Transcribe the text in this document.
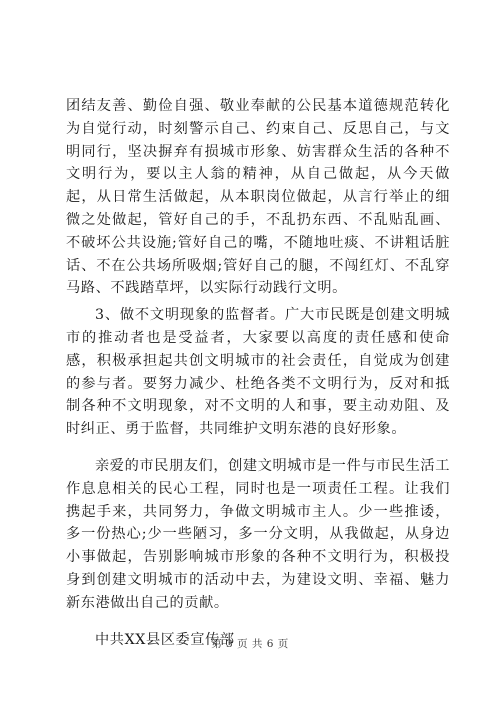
团结友善、勤俭自强、敬业奉献的公民基本道德规范转化为自觉行动，时刻警示自己、约束自己、反思自己，与文明同行，坚决摒弃有损城市形象、妨害群众生活的各种不文明行为，要以主人翁的精神，从自己做起，从今天做起，从日常生活做起，从本职岗位做起，从言行举止的细微之处做起，管好自己的手，不乱扔东西、不乱贴乱画、不破坏公共设施;管好自己的嘴，不随地吐痰、不讲粗话脏话、不在公共场所吸烟;管好自己的腿，不闯红灯、不乱穿马路、不践踏草坪，以实际行动践行文明。

3、做不文明现象的监督者。广大市民既是创建文明城市的推动者也是受益者，大家要以高度的责任感和使命感，积极承担起共创文明城市的社会责任，自觉成为创建的参与者。要努力减少、杜绝各类不文明行为，反对和抵制各种不文明现象，对不文明的人和事，要主动劝阻、及时纠正、勇于监督，共同维护文明东港的良好形象。

亲爱的市民朋友们，创建文明城市是一件与市民生活工作息息相关的民心工程，同时也是一项责任工程。让我们携起手来，共同努力，争做文明城市主人。少一些推诿，多一份热心;少一些陋习，多一分文明，从我做起，从身边小事做起，告别影响城市形象的各种不文明行为，积极投身到创建文明城市的活动中去，为建设文明、幸福、魅力新东港做出自己的贡献。

中共XX县区委宣传部
第 3 页 共 6 页
